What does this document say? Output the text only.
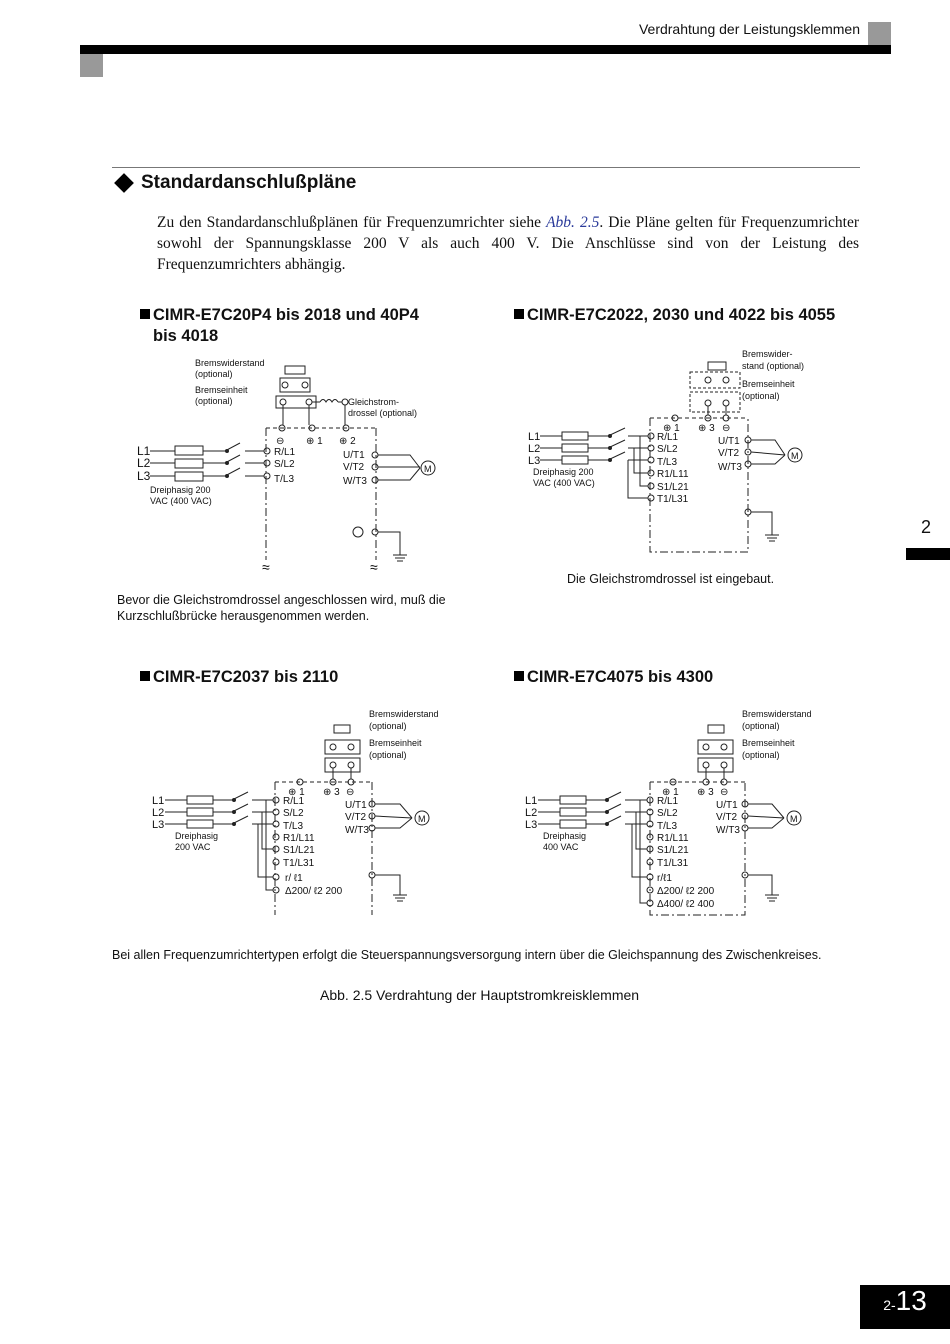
Verdrahtung der Leistungsklemmen
Standardanschlußpläne
Zu den Standardanschlußplänen für Frequenzumrichter siehe Abb. 2.5. Die Pläne gelten für Frequenzumrichter sowohl der Spannungsklasse 200 V als auch 400 V. Die Anschlüsse sind von der Leistung des Frequenzumrichters abhängig.
CIMR-E7C20P4 bis 2018 und 40P4
bis 4018
CIMR-E7C2022, 2030 und 4022 bis 4055
CIMR-E7C2037 bis 2110	CIMR-E7C4075 bis 4300
Bremswiderstand
(optional)
Bremseinheit
(optional)	Gleichstrom-
drossel (optional)
⊖ ⊕ 1 ⊕ 2
L1
L2
L3
R/L1
S/L2
T/L3
U/T1
V/T2
W/T3
M
Dreiphasig 200
VAC (400 VAC)
≈	≈
Bevor die Gleichstromdrossel angeschlossen wird, muß die
Kurzschlußbrücke herausgenommen werden.
Bremswider-
stand (optional)
Bremseinheit
(optional)
⊕ 1 ⊕ 3 ⊖
L1
L2
L3
R/L1
S/L2
T/L3
R1/L11
S1/L21
T1/L31
U/T1
V/T2
W/T3
M
Dreiphasig 200
VAC (400 VAC)
Die Gleichstromdrossel ist eingebaut.
Bremswiderstand
(optional)
Bremseinheit
(optional)
⊕ 1 ⊕ 3 ⊖
L1
L2
L3
R/L1
S/L2
T/L3
R1/L11
S1/L21
T1/L31
r/ ℓ1
Δ200/ ℓ2 200
U/T1
V/T2
W/T3
M
Dreiphasig
200 VAC
Bremswiderstand
(optional)
Bremseinheit
(optional)
⊕ 1 ⊕ 3 ⊖
L1
L2
L3
R/L1
S/L2
T/L3
R1/L11
S1/L21
T1/L31
r/ℓ1
Δ200/ ℓ2 200
Δ400/ ℓ2 400
U/T1
V/T2
W/T3
M
Dreiphasig
400 VAC
Bei allen Frequenzumrichtertypen erfolgt die Steuerspannungsversorgung intern über die Gleichspannung des Zwischenkreises.
Abb. 2.5 Verdrahtung der Hauptstromkreisklemmen
2
2- 13
